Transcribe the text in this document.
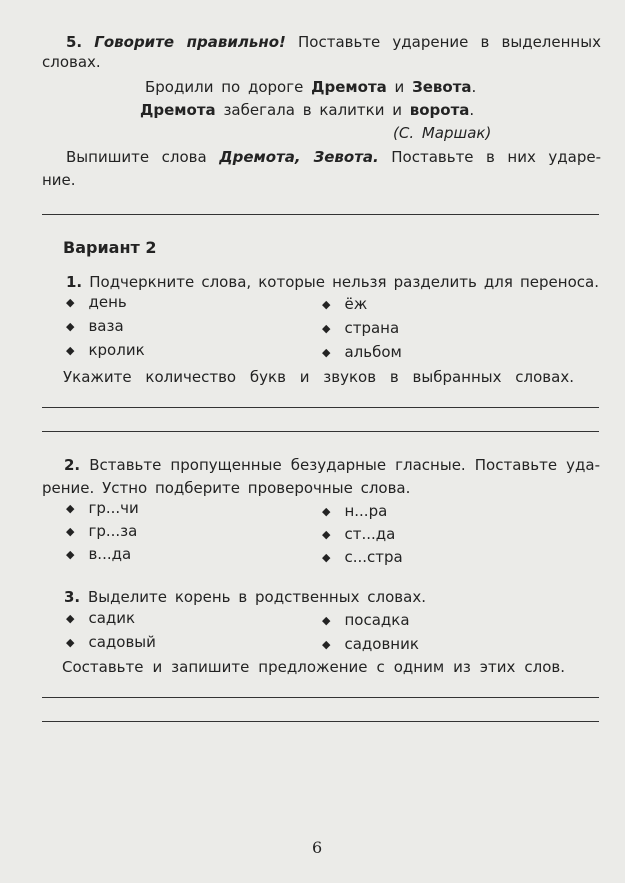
5. Говорите правильно! Поставьте ударение в выделенных
словах.
Бродили по дороге Дремота и Зевота.
Дремота забегала в калитки и ворота.
(С. Маршак)
Выпишите слова Дремота, Зевота. Поставьте в них ударе-
ние.
Вариант 2
1. Подчеркните слова, которые нельзя разделить для переноса.
◆ день
◆ ваза
◆ кролик
◆ ёж
◆ страна
◆ альбом
Укажите количество букв и звуков в выбранных словах.
2. Вставьте пропущенные безударные гласные. Поставьте уда-
рение. Устно подберите проверочные слова.
◆ гр...чи
◆ гр...за
◆ в...да
◆ н...ра
◆ ст...да
◆ с...стра
3. Выделите корень в родственных словах.
◆ садик
◆ садовый
◆ посадка
◆ садовник
Составьте и запишите предложение с одним из этих слов.
6
